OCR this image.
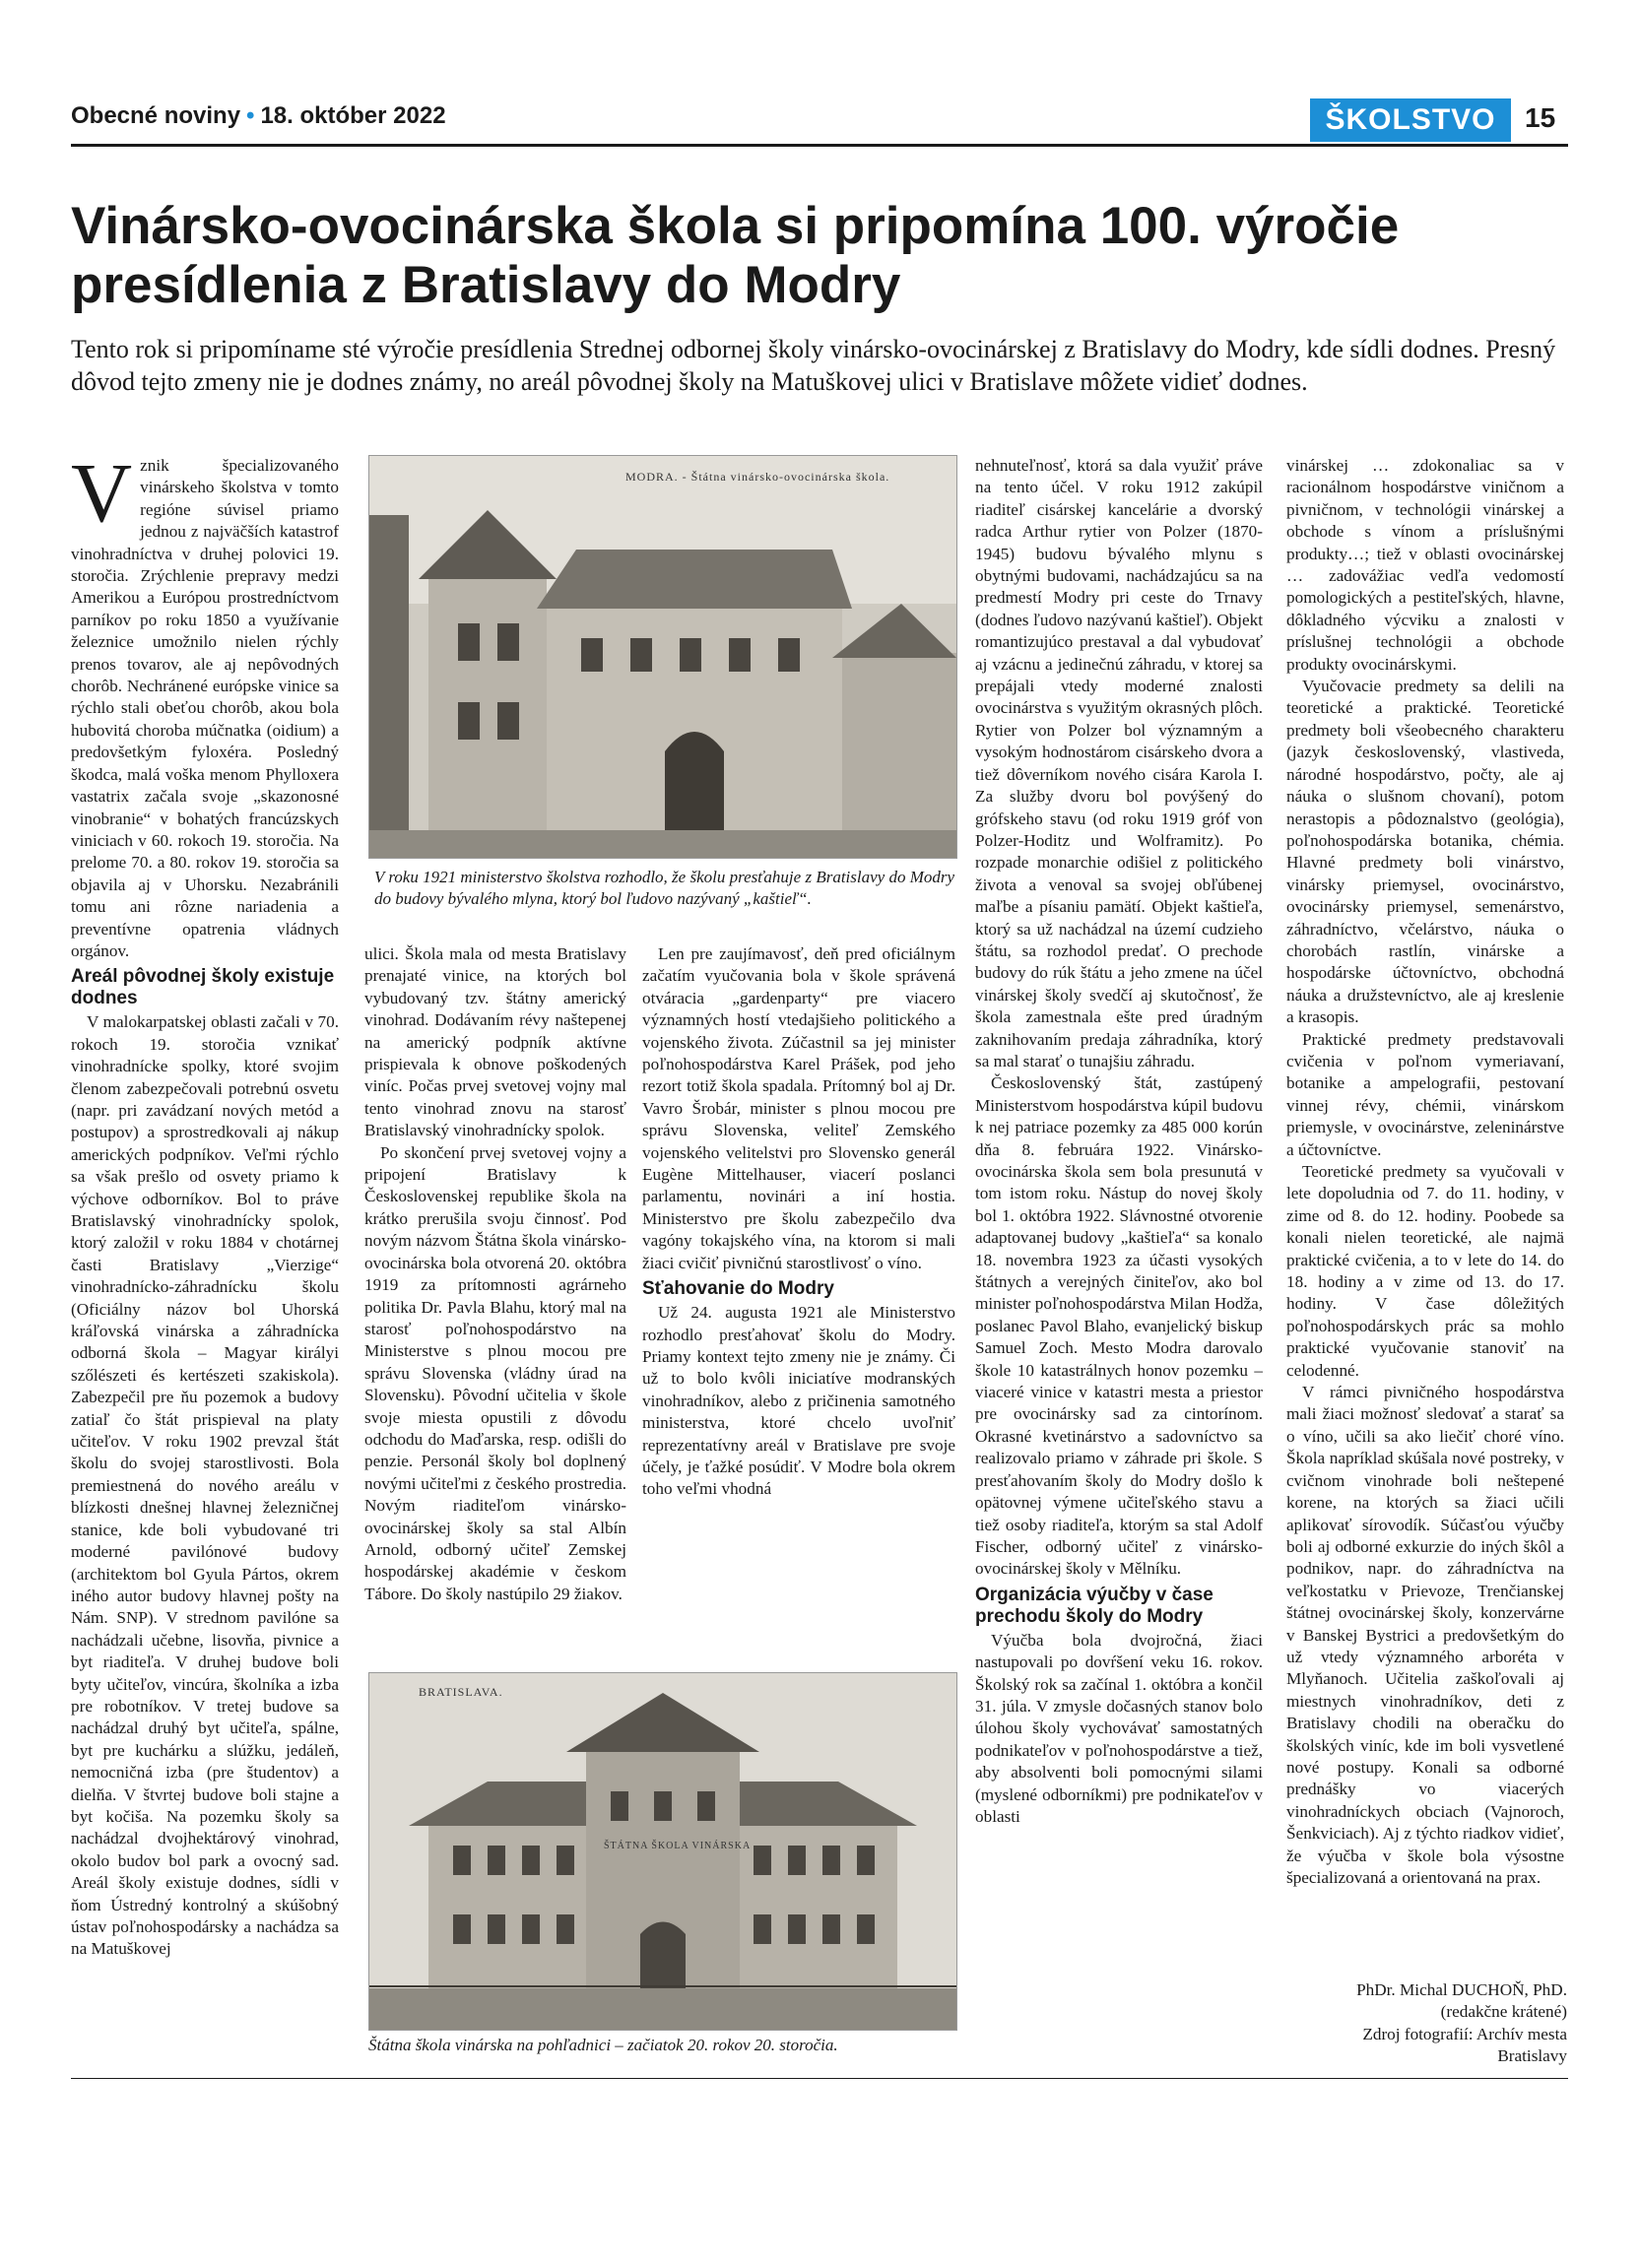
Obecné noviny • 18. október 2022	ŠKOLSTVO	15
Vinársko-ovocinárska škola si pripomína 100. výročie presídlenia z Bratislavy do Modry

Tento rok si pripomíname sté výročie presídlenia Strednej odbornej školy vinársko-ovocinárskej z Bratislavy do Modry, kde sídli dodnes. Presný dôvod tejto zmeny nie je dodnes známy, no areál pôvodnej školy na Matuškovej ulici v Bratislave môžete vidieť dodnes.

Vznik špecializovaného vinárskeho školstva v tomto regióne súvisel priamo jednou z najväčších katastrof vinohradníctva v druhej polovici 19. storočia. Zrýchlenie prepravy medzi Amerikou a Európou prostredníctvom parníkov po roku 1850 a využívanie železnice umožnilo nielen rýchly prenos tovarov, ale aj nepôvodných chorôb. Nechránené európske vinice sa rýchlo stali obeťou chorôb, akou bola hubovitá choroba múčnatka (oidium) a predovšetkým fyloxéra. Posledný škodca, malá voška menom Phylloxera vastatrix začala svoje „skazonosné vinobranie“ v bohatých francúzskych viniciach v 60. rokoch 19. storočia. Na prelome 70. a 80. rokov 19. storočia sa objavila aj v Uhorsku. Nezabránili tomu ani rôzne nariadenia a preventívne opatrenia vládnych orgánov.

Areál pôvodnej školy existuje dodnes

V malokarpatskej oblasti začali v 70. rokoch 19. storočia vznikať vinohradnícke spolky, ktoré svojim členom zabezpečovali potrebnú osvetu (napr. pri zavádzaní nových metód a postupov) a sprostredkovali aj nákup amerických podpníkov. Veľmi rýchlo sa však prešlo od osvety priamo k výchove odborníkov. Bol to práve Bratislavský vinohradnícky spolok, ktorý založil v roku 1884 v chotárnej časti Bratislavy „Vierzige“ vinohradnícko-záhradnícku školu (Oficiálny názov bol Uhorská kráľovská vinárska a záhradnícka odborná škola – Magyar királyi szőlészeti és kertészeti szakiskola). Zabezpečil pre ňu pozemok a budovy zatiaľ čo štát prispieval na platy učiteľov. V roku 1902 prevzal štát školu do svojej starostlivosti. Bola premiestnená do nového areálu v blízkosti dnešnej hlavnej železničnej stanice, kde boli vybudované tri moderné pavilónové budovy (architektom bol Gyula Pártos, okrem iného autor budovy hlavnej pošty na Nám. SNP). V strednom pavilóne sa nachádzali učebne, lisovňa, pivnice a byt riaditeľa. V druhej budove boli byty učiteľov, vincúra, školníka a izba pre robotníkov. V tretej budove sa nachádzal druhý byt učiteľa, spálne, byt pre kuchárku a slúžku, jedáleň, nemocničná izba (pre študentov) a dielňa. V štvrtej budove boli stajne a byt kočiša. Na pozemku školy sa nachádzal dvojhektárový vinohrad, okolo budov bol park a ovocný sad. Areál školy existuje dodnes, sídli v ňom Ústredný kontrolný a skúšobný ústav poľnohospodársky a nachádza sa na Matuškovej

MODRA. - Štátna vinársko-ovocinárska škola.
V roku 1921 ministerstvo školstva rozhodlo, že školu presťahuje z Bratislavy do Modry do budovy bývalého mlyna, ktorý bol ľudovo nazývaný „kaštieľ“.

ulici. Škola mala od mesta Bratislavy prenajaté vinice, na ktorých bol vybudovaný tzv. štátny americký vinohrad. Dodávaním révy naštepenej na americký podpník aktívne prispievala k obnove poškodených viníc. Počas prvej svetovej vojny mal tento vinohrad znovu na starosť Bratislavský vinohradnícky spolok.

Po skončení prvej svetovej vojny a pripojení Bratislavy k Československej republike škola na krátko prerušila svoju činnosť. Pod novým názvom Štátna škola vinársko-ovocinárska bola otvorená 20. októbra 1919 za prítomnosti agrárneho politika Dr. Pavla Blahu, ktorý mal na starosť poľnohospodárstvo na Ministerstve s plnou mocou pre správu Slovenska (vládny úrad na Slovensku). Pôvodní učitelia v škole svoje miesta opustili z dôvodu odchodu do Maďarska, resp. odišli do penzie. Personál školy bol doplnený novými učiteľmi z českého prostredia. Novým riaditeľom vinársko-ovocinárskej školy sa stal Albín Arnold, odborný učiteľ Zemskej hospodárskej akadémie v českom Tábore. Do školy nastúpilo 29 žiakov.

Len pre zaujímavosť, deň pred oficiálnym začatím vyučovania bola v škole správená otváracia „gardenparty“ pre viacero významných hostí vtedajšieho politického a vojenského života. Zúčastnil sa jej minister poľnohospodárstva Karel Prášek, pod jeho rezort totiž škola spadala. Prítomný bol aj Dr. Vavro Šrobár, minister s plnou mocou pre správu Slovenska, veliteľ Zemského vojenského velitelstvi pro Slovensko generál Eugène Mittelhauser, viacerí poslanci parlamentu, novinári a iní hostia. Ministerstvo pre školu zabezpečilo dva vagóny tokajského vína, na ktorom si mali žiaci cvičiť pivničnú starostlivosť o víno.

Sťahovanie do Modry

Už 24. augusta 1921 ale Ministerstvo rozhodlo presťahovať školu do Modry. Priamy kontext tejto zmeny nie je známy. Či už to bolo kvôli iniciatíve modranských vinohradníkov, alebo z pričinenia samotného ministerstva, ktoré chcelo uvoľniť reprezentatívny areál v Bratislave pre svoje účely, je ťažké posúdiť. V Modre bola okrem toho veľmi vhodná

BRATISLAVA.
ŠTÁTNA ŠKOLA VINÁRSKA
Štátna škola vinárska na pohľadnici – začiatok 20. rokov 20. storočia.

nehnuteľnosť, ktorá sa dala využiť práve na tento účel. V roku 1912 zakúpil riaditeľ cisárskej kancelárie a dvorský radca Arthur rytier von Polzer (1870-1945) budovu bývalého mlynu s obytnými budovami, nachádzajúcu sa na predmestí Modry pri ceste do Trnavy (dodnes ľudovo nazývanú kaštieľ). Objekt romantizujúco prestaval a dal vybudovať aj vzácnu a jedinečnú záhradu, v ktorej sa prepájali vtedy moderné znalosti ovocinárstva s využitým okrasných plôch. Rytier von Polzer bol významným a vysokým hodnostárom cisárskeho dvora a tiež dôverníkom nového cisára Karola I. Za služby dvoru bol povýšený do grófskeho stavu (od roku 1919 gróf von Polzer-Hoditz und Wolframitz). Po rozpade monarchie odišiel z politického života a venoval sa svojej obľúbenej maľbe a písaniu pamätí. Objekt kaštieľa, ktorý sa už nachádzal na území cudzieho štátu, sa rozhodol predať. O prechode budovy do rúk štátu a jeho zmene na účel vinárskej školy svedčí aj skutočnosť, že škola zamestnala ešte pred úradným zaknihovaním predaja záhradníka, ktorý sa mal starať o tunajšiu záhradu.

Československý štát, zastúpený Ministerstvom hospodárstva kúpil budovu k nej patriace pozemky za 485 000 korún dňa 8. februára 1922. Vinársko-ovocinárska škola sem bola presunutá v tom istom roku. Nástup do novej školy bol 1. októbra 1922. Slávnostné otvorenie adaptovanej budovy „kaštieľa“ sa konalo 18. novembra 1923 za účasti vysokých štátnych a verejných činiteľov, ako bol minister poľnohospodárstva Milan Hodža, poslanec Pavol Blaho, evanjelický biskup Samuel Zoch. Mesto Modra darovalo škole 10 katastrálnych honov pozemku – viaceré vinice v katastri mesta a priestor pre ovocinársky sad za cintorínom. Okrasné kvetinárstvo a sadovníctvo sa realizovalo priamo v záhrade pri škole. S presťahovaním školy do Modry došlo k opätovnej výmene učiteľského stavu a tiež osoby riaditeľa, ktorým sa stal Adolf Fischer, odborný učiteľ z vinársko-ovocinárskej školy v Mělníku.

Organizácia výučby v čase prechodu školy do Modry

Výučba bola dvojročná, žiaci nastupovali po dovŕšení veku 16. rokov. Školský rok sa začínal 1. októbra a končil 31. júla. V zmysle dočasných stanov bolo úlohou školy vychovávať samostatných podnikateľov v poľnohospodárstve a tiež, aby absolventi boli pomocnými silami (myslené odborníkmi) pre podnikateľov v oblasti

vinárskej … zdokonaliac sa v racionálnom hospodárstve viničnom a pivničnom, v technológii vinárskej a obchode s vínom a príslušnými produkty…; tiež v oblasti ovocinárskej … zadovážiac vedľa vedomostí pomologických a pestiteľských, hlavne, dôkladného výcviku a znalosti v príslušnej technológii a obchode produkty ovocinárskymi.

Vyučovacie predmety sa delili na teoretické a praktické. Teoretické predmety boli všeobecného charakteru (jazyk československý, vlastiveda, národné hospodárstvo, počty, ale aj náuka o slušnom chovaní), potom nerastopis a pôdoznalstvo (geológia), poľnohospodárska botanika, chémia. Hlavné predmety boli vinárstvo, vinársky priemysel, ovocinárstvo, ovocinársky priemysel, semenárstvo, záhradníctvo, včelárstvo, náuka o chorobách rastlín, vinárske a hospodárske účtovníctvo, obchodná náuka a družstevníctvo, ale aj kreslenie a krasopis.

Praktické predmety predstavovali cvičenia v poľnom vymeriavaní, botanike a ampelografii, pestovaní vinnej révy, chémii, vinárskom priemysle, v ovocinárstve, zeleninárstve a účtovníctve.

Teoretické predmety sa vyučovali v lete dopoludnia od 7. do 11. hodiny, v zime od 8. do 12. hodiny. Poobede sa konali nielen teoretické, ale najmä praktické cvičenia, a to v lete do 14. do 18. hodiny a v zime od 13. do 17. hodiny. V čase dôležitých poľnohospodárskych prác sa mohlo praktické vyučovanie stanoviť na celodenné.

V rámci pivničného hospodárstva mali žiaci možnosť sledovať a starať sa o víno, učili sa ako liečiť choré víno. Škola napríklad skúšala nové postreky, v cvičnom vinohrade boli neštepené korene, na ktorých sa žiaci učili aplikovať sírovodík. Súčasťou výučby boli aj odborné exkurzie do iných škôl a podnikov, napr. do záhradníctva na veľkostatku v Prievoze, Trenčianskej štátnej ovocinárskej školy, konzervárne v Banskej Bystrici a predovšetkým do už vtedy významného arboréta v Mlyňanoch. Učitelia zaškoľovali aj miestnych vinohradníkov, deti z Bratislavy chodili na oberačku do školských viníc, kde im boli vysvetlené nové postupy. Konali sa odborné prednášky vo viacerých vinohradníckych obciach (Vajnoroch, Šenkviciach). Aj z týchto riadkov vidieť, že výučba v škole bola výsostne špecializovaná a orientovaná na prax.

PhDr. Michal DUCHOŇ, PhD.
(redakčne krátené)
Zdroj fotografií: Archív mesta Bratislavy
